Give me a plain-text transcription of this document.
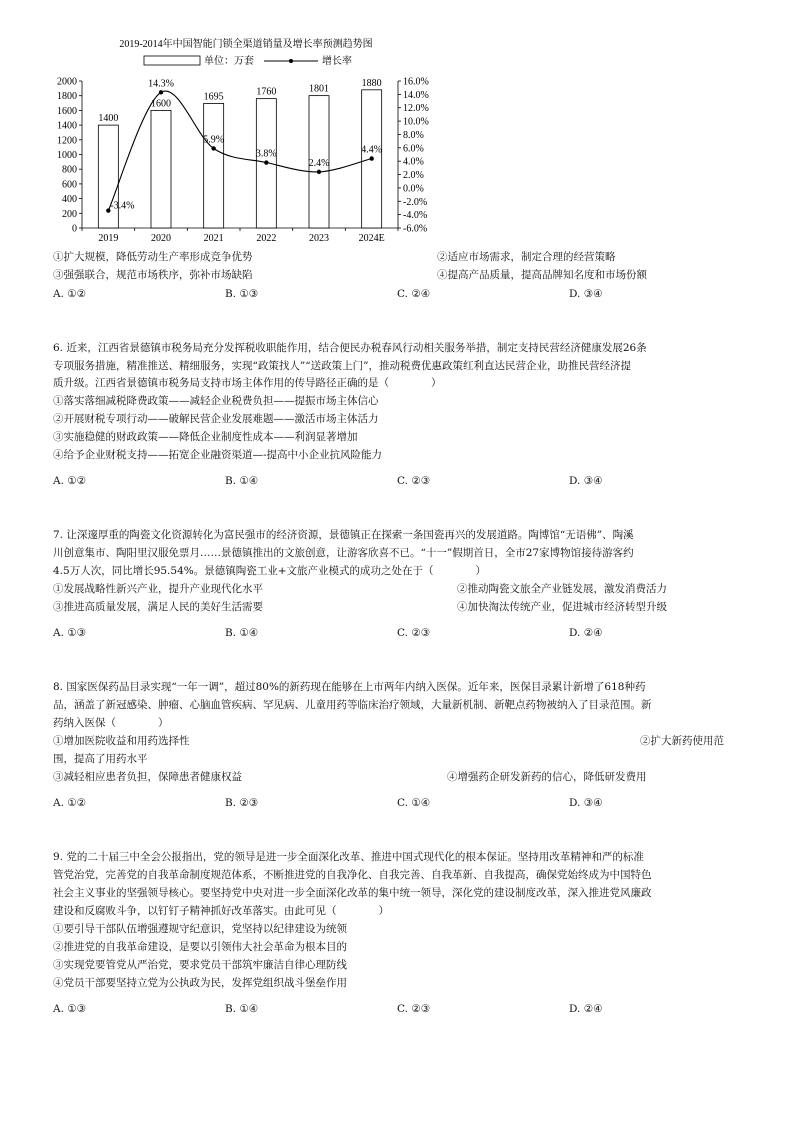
2019-2014年中国智能门锁全渠道销量及增长率预测趋势图
单位：万套	增长率
0
200
400
600
800
1000
1200
1400
1600
1800
2000
-6.0%
-4.0%
-2.0%
0.0%
2.0%
4.0%
6.0%
8.0%
10.0%
12.0%
14.0%
16.0%
2019	2020	2021	2022	2023	2024E
1400
1600
1695	1760	1801
1880
-3.4%
14.3%
5.9%
3.8%
2.4%
4.4%
①扩大规模，降低劳动生产率形成竞争优势	②适应市场需求，制定合理的经营策略
③强强联合，规范市场秩序，弥补市场缺陷	④提高产品质量，提高品牌知名度和市场份额
A. ①②	B. ①③	C. ②④	D. ③④
6. 近来，江西省景德镇市税务局充分发挥税收职能作用，结合便民办税春风行动相关服务举措，制定支持民营经济健康发展26条
专项服务措施，精准推送、精细服务，实现“政策找人”“送政策上门”，推动税费优惠政策红利直达民营企业，助推民营经济提
质升级。江西省景德镇市税务局支持市场主体作用的传导路径正确的是（　　　　）
①落实落细减税降费政策——减轻企业税费负担——提振市场主体信心
②开展财税专项行动——破解民营企业发展难题——激活市场主体活力
③实施稳健的财政政策——降低企业制度性成本——利润显著增加
④给予企业财税支持——拓宽企业融资渠道—-提高中小企业抗风险能力
A. ①②	B. ①④	C. ②③	D. ③④
7. 让深邃厚重的陶瓷文化资源转化为富民强市的经济资源，景德镇正在探索一条国瓷再兴的发展道路。陶博馆“无语佛”、陶溪
川创意集市、陶阳里汉服免票月……景德镇推出的文旅创意，让游客欣喜不已。“十一”假期首日，全市27家博物馆接待游客约
4.5万人次，同比增长95.54%。景德镇陶瓷工业+文旅产业模式的成功之处在于（　　　　）
①发展战略性新兴产业，提升产业现代化水平	②推动陶瓷文旅全产业链发展，激发消费活力
③推进高质量发展，满足人民的美好生活需要	④加快淘汰传统产业，促进城市经济转型升级
A. ①③	B. ①④	C. ②③	D. ②④
8. 国家医保药品目录实现“一年一调”，超过80%的新药现在能够在上市两年内纳入医保。近年来，医保目录累计新增了618种药
品，涵盖了新冠感染、肿瘤、心脑血管疾病、罕见病、儿童用药等临床治疗领域，大量新机制、新靶点药物被纳入了目录范围。新
药纳入医保（　　　　）
①增加医院收益和用药选择性	②扩大新药使用范
围，提高了用药水平
③减轻相应患者负担，保障患者健康权益	④增强药企研发新药的信心，降低研发费用
A. ①②	B. ②③	C. ①④	D. ③④
9. 党的二十届三中全会公报指出，党的领导是进一步全面深化改革、推进中国式现代化的根本保证。坚持用改革精神和严的标准
管党治党，完善党的自我革命制度规范体系，不断推进党的自我净化、自我完善、自我革新、自我提高，确保党始终成为中国特色
社会主义事业的坚强领导核心。要坚持党中央对进一步全面深化改革的集中统一领导，深化党的建设制度改革，深入推进党风廉政
建设和反腐败斗争，以钉钉子精神抓好改革落实。由此可见（　　　　）
①要引导干部队伍增强遵规守纪意识，党坚持以纪律建设为统领
②推进党的自我革命建设，是要以引领伟大社会革命为根本目的
③实现党要管党从严治党，要求党员干部筑牢廉洁自律心理防线
④党员干部要坚持立党为公执政为民，发挥党组织战斗堡垒作用
A. ①③	B. ①④	C. ②③	D. ②④
